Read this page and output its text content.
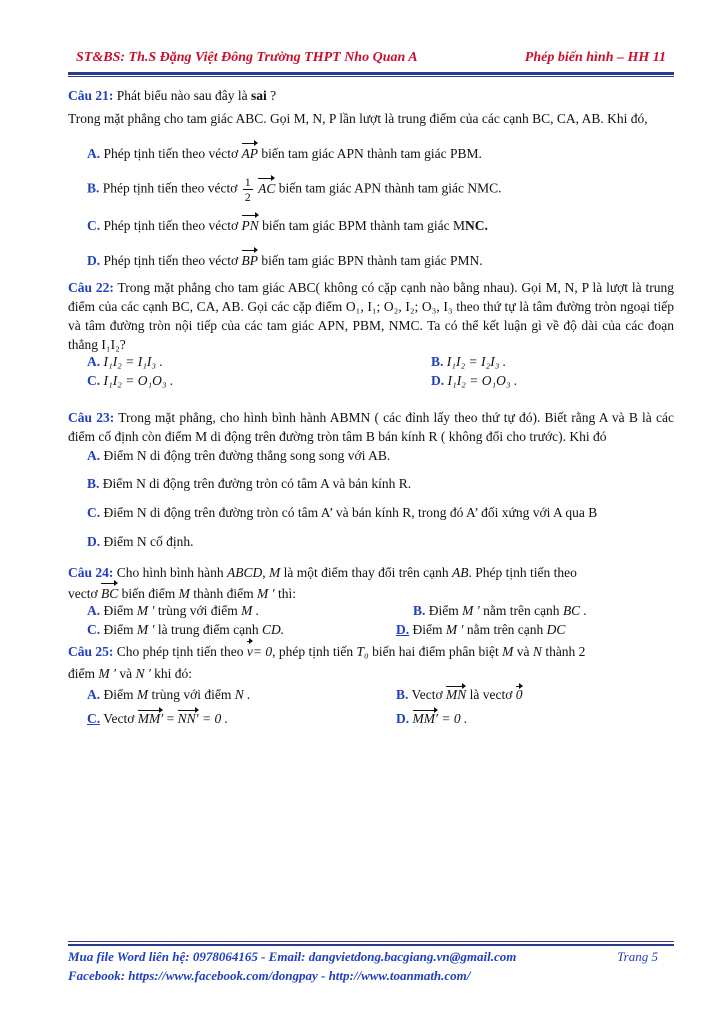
ST&BS: Th.S Đặng Việt Đông Trường THPT Nho Quan A	Phép biến hình – HH 11

Câu 21: Phát biểu nào sau đây là sai ?

Trong mặt phẳng cho tam giác ABC. Gọi M, N, P lần lượt là trung điểm của các cạnh BC, CA, AB. Khi đó,

A. Phép tịnh tiến theo véctơ AP biến tam giác APN thành tam giác PBM.

B. Phép tịnh tiến theo véctơ $\frac{1}{2}$ AC biến tam giác APN thành tam giác NMC.

C. Phép tịnh tiến theo véctơ PN biến tam giác BPM thành tam giác MNC.

D. Phép tịnh tiến theo véctơ BP biến tam giác BPN thành tam giác PMN.

Câu 22: Trong mặt phẳng cho tam giác ABC( không có cặp cạnh nào bằng nhau). Gọi M, N, P là lượt là trung điểm của các cạnh BC, CA, AB. Gọi các cặp điểm O₁, I₁; O₂, I₂; O₃, I₃ theo thứ tự là tâm đường tròn ngoại tiếp và tâm đường tròn nội tiếp của các tam giác APN, PBM, NMC. Ta có thể kết luận gì về độ dài của các đoạn thẳng I₁I₂?

A. I₁I₂ = I₁I₃ .	B. I₁I₂ = I₂I₃ .
C. I₁I₂ = O₁O₃ .	D. I₁I₂ = O₁O₃ .

Câu 23: Trong mặt phẳng, cho hình bình hành ABMN ( các đỉnh lấy theo thứ tự đó). Biết rằng A và B là các điểm cố định còn điểm M di động trên đường tròn tâm B bán kính R ( không đổi cho trước). Khi đó

A. Điểm N di động trên đường thẳng song song với AB.

B. Điểm N di động trên đường tròn có tâm A và bán kính R.

C. Điểm N di động trên đường tròn có tâm A’ và bán kính R, trong đó A’ đối xứng với A qua B

D. Điểm N cố định.

Câu 24: Cho hình bình hành ABCD, M là một điểm thay đổi trên cạnh AB. Phép tịnh tiến theo

vectơ BC biến điểm M thành điểm M ′ thì:

A. Điểm M ′ trùng với điểm M .	B. Điểm M ′ nằm trên cạnh BC .
C. Điểm M ′ là trung điểm cạnh CD.	D. Điểm M ′ nằm trên cạnh DC

Câu 25: Cho phép tịnh tiến theo v= 0, phép tịnh tiến T₀ biến hai điểm phân biệt M và N thành 2

điểm M ′ và N ′ khi đó:

A. Điểm M trùng với điểm N .	B. Vectơ MN là vectơ 0
C. Vectơ MM′ = NN′ = 0 .	D. MM′ = 0 .
Mua file Word liên hệ: 0978064165 - Email: dangvietdong.bacgiang.vn@gmail.com
Facebook: https://www.facebook.com/dongpay - http://www.toanmath.com/
Trang 5
